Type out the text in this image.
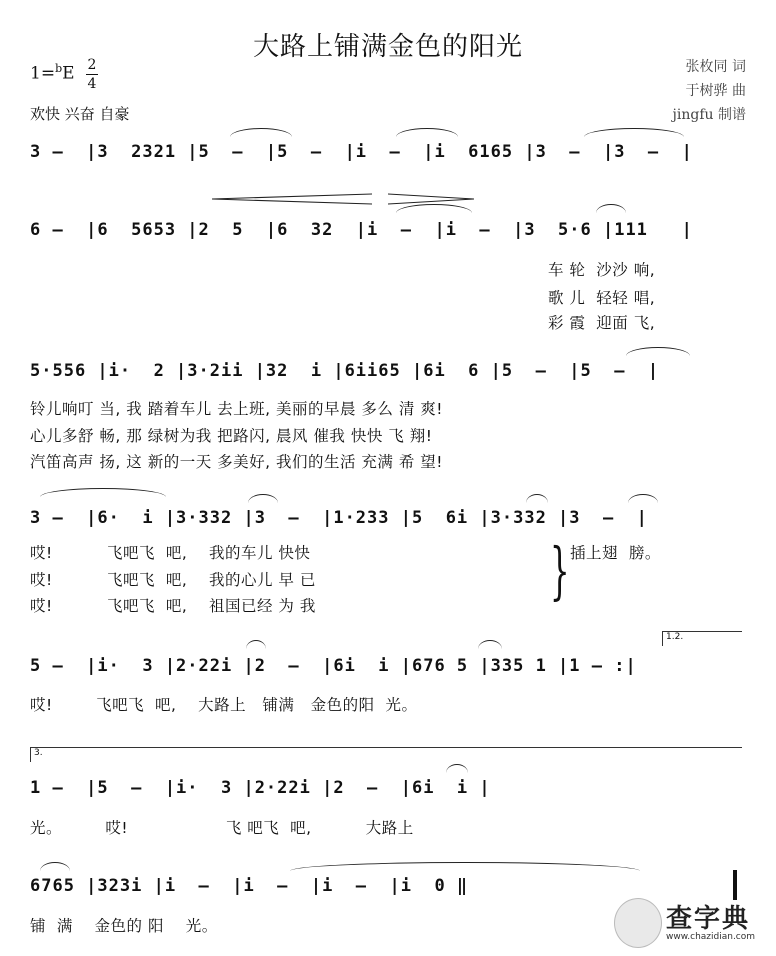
大路上铺满金色的阳光
1=$^b$E 2
4
欢快 兴奋 自豪
张枚同 词
于树骅 曲
jingfu 制谱
3 –  |3  2321 |5  –  |5  –  |i  –  |i  6165 |3  –  |3  –  |
6 –  |6  5653 |2  5  |6  32  |i  –  |i  –  |3  5·6 |111   |
车 轮  沙沙 响,
歌 儿  轻轻 唱,
彩 霞  迎面 飞,
5·556 |i·  2 |3·2ii |32  i |6ii65 |6i  6 |5  –  |5  –  |
铃儿响叮 当, 我 踏着车儿 去上班, 美丽的早晨 多么 清 爽!
心儿多舒 畅, 那 绿树为我 把路闪, 晨风 催我 快快 飞 翔!
汽笛高声 扬, 这 新的一天 多美好, 我们的生活 充满 希 望!
3 –  |6·  i |3·332 |3  –  |1·233 |5  6i |3·332 |3  –  |
哎!          飞吧飞  吧,    我的车儿 快快
哎!          飞吧飞  吧,    我的心儿 早 已
哎!          飞吧飞  吧,    祖国已经 为 我	} 插上翅  膀。
1.2.
5 –  |i·  3 |2·22i |2  –  |6i  i |676 5 |335 1 |1 – :|
哎!        飞吧飞  吧,    大路上   铺满   金色的阳  光。
3.
1 –  |5  –  |i·  3 |2·22i |2  –  |6i  i |
光。        哎!                  飞 吧飞  吧,          大路上
6765 |323i |i  –  |i  –  |i  –  |i  0 ‖
铺  满    金色的 阳    光。	查字典
www.chazidian.com
